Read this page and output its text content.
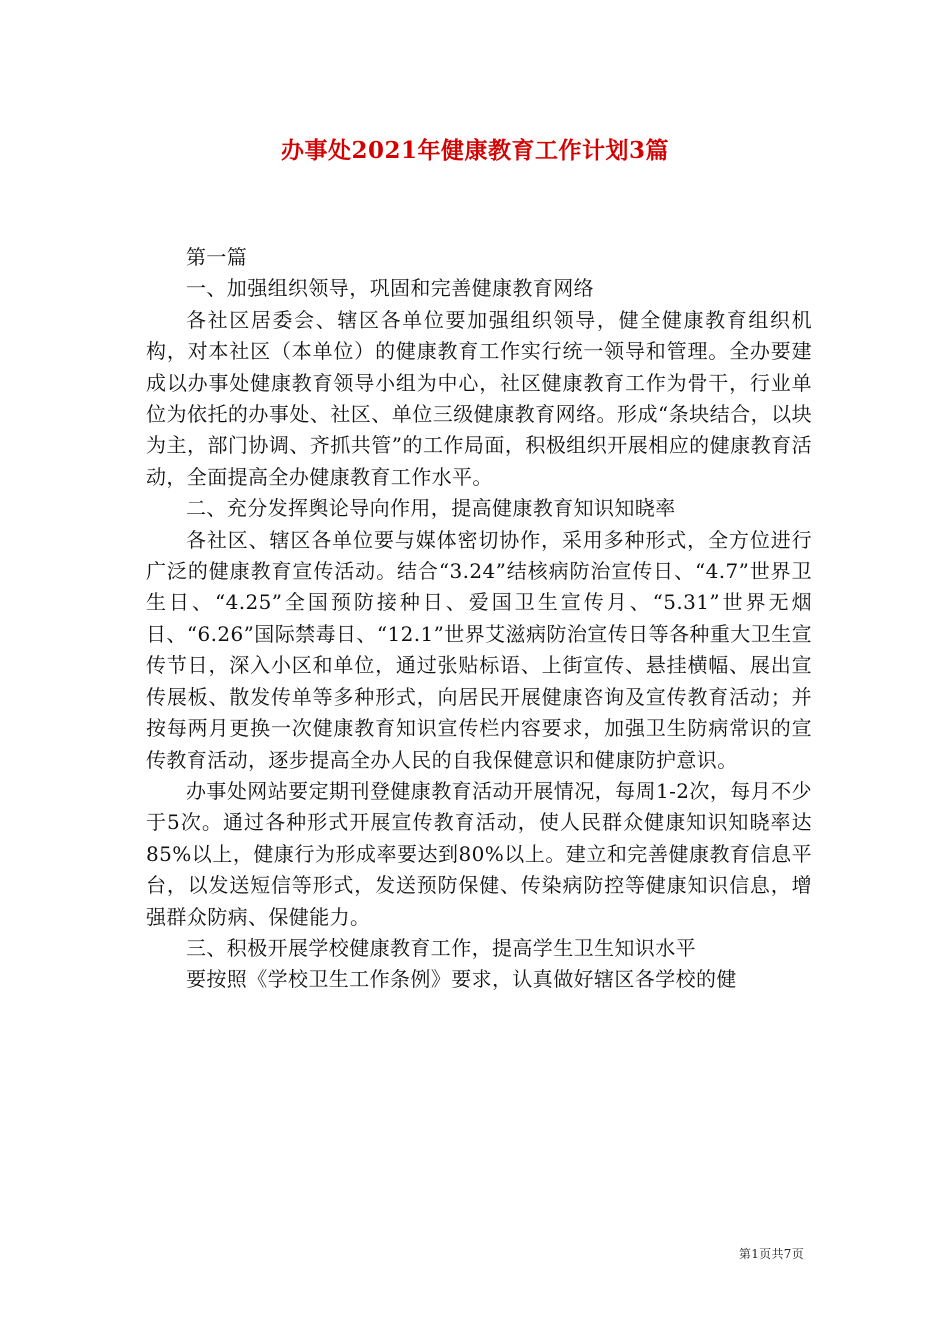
办事处2021年健康教育工作计划3篇

第一篇

一、加强组织领导，巩固和完善健康教育网络

各社区居委会、辖区各单位要加强组织领导，健全健康教育组织机构，对本社区（本单位）的健康教育工作实行统一领导和管理。全办要建成以办事处健康教育领导小组为中心，社区健康教育工作为骨干，行业单位为依托的办事处、社区、单位三级健康教育网络。形成“条块结合，以块为主，部门协调、齐抓共管”的工作局面，积极组织开展相应的健康教育活动，全面提高全办健康教育工作水平。

二、充分发挥舆论导向作用，提高健康教育知识知晓率

各社区、辖区各单位要与媒体密切协作，采用多种形式，全方位进行广泛的健康教育宣传活动。结合“3.24”结核病防治宣传日、“4.7”世界卫生日、“4.25”全国预防接种日、爱国卫生宣传月、“5.31”世界无烟日、“6.26”国际禁毒日、“12.1”世界艾滋病防治宣传日等各种重大卫生宣传节日，深入小区和单位，通过张贴标语、上街宣传、悬挂横幅、展出宣传展板、散发传单等多种形式，向居民开展健康咨询及宣传教育活动；并按每两月更换一次健康教育知识宣传栏内容要求，加强卫生防病常识的宣传教育活动，逐步提高全办人民的自我保健意识和健康防护意识。

办事处网站要定期刊登健康教育活动开展情况，每周1-2次，每月不少于5次。通过各种形式开展宣传教育活动，使人民群众健康知识知晓率达85%以上，健康行为形成率要达到80%以上。建立和完善健康教育信息平台，以发送短信等形式，发送预防保健、传染病防控等健康知识信息，增强群众防病、保健能力。

三、积极开展学校健康教育工作，提高学生卫生知识水平

要按照《学校卫生工作条例》要求，认真做好辖区各学校的健

第1页共7页
